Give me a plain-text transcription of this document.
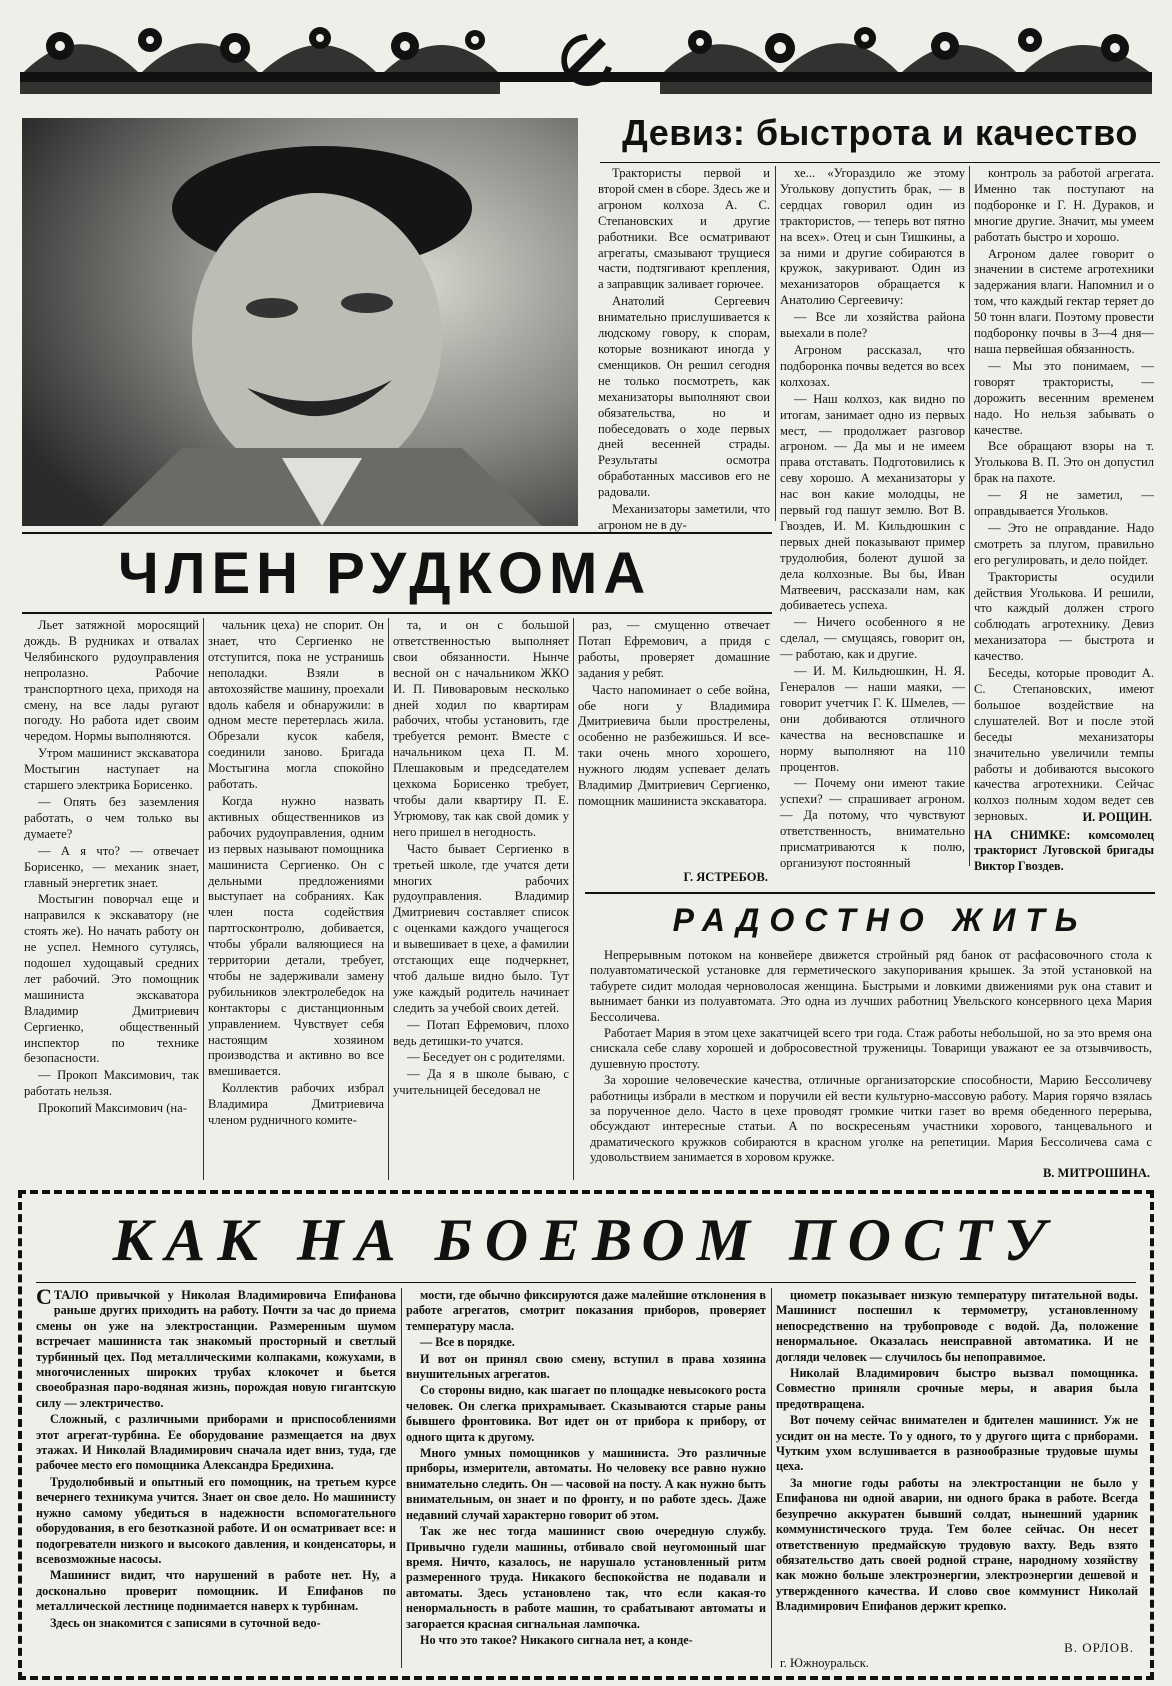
Девиз: быстрота и качество

Трактористы первой и второй смен в сборе. Здесь же и агроном колхоза А. С. Степановских и другие работники. Все осматривают агрегаты, смазывают трущиеся части, подтягивают крепления, а заправщик заливает горючее.

Анатолий Сергеевич внимательно прислушивается к людскому говору, к спорам, которые возникают иногда у сменщиков. Он решил сегодня не только посмотреть, как механизаторы выполняют свои обязательства, но и побеседовать о ходе первых дней весенней страды. Результаты осмотра обработанных массивов его не радовали.

Механизаторы заметили, что агроном не в ду-

хе... «Угораздило же этому Уголькову допустить брак, — в сердцах говорил один из трактористов, — теперь вот пятно на всех». Отец и сын Тишкины, а за ними и другие собираются в кружок, закуривают. Один из механизаторов обращается к Анатолию Сергеевичу:

— Все ли хозяйства района выехали в поле?

Агроном рассказал, что подборонка почвы ведется во всех колхозах.

— Наш колхоз, как видно по итогам, занимает одно из первых мест, — продолжает разговор агроном. — Да мы и не имеем права отставать. Подготовились к севу хорошо. А механизаторы у нас вон какие молодцы, не первый год пашут землю. Вот В. Гвоздев, И. М. Кильдюшкин с первых дней показывают пример трудолюбия, болеют душой за дела колхозные. Вы бы, Иван Матвеевич, рассказали нам, как добиваетесь успеха.

— Ничего особенного я не сделал, — смущаясь, говорит он, — работаю, как и другие.

— И. М. Кильдюшкин, Н. Я. Генералов — наши маяки, — говорит учетчик Г. К. Шмелев, — они добиваются отличного качества на весновспашке и норму выполняют на 110 процентов.

— Почему они имеют такие успехи? — спрашивает агроном. — Да потому, что чувствуют ответственность, внимательно присматриваются к полю, организуют постоянный

контроль за работой агрегата. Именно так поступают на подборонке и Г. Н. Дураков, и многие другие. Значит, мы умеем работать быстро и хорошо.

Агроном далее говорит о значении в системе агротехники задержания влаги. Напомнил и о том, что каждый гектар теряет до 50 тонн влаги. Поэтому провести подборонку почвы в 3—4 дня—наша первейшая обязанность.

— Мы это понимаем, — говорят трактористы, — дорожить весенним временем надо. Но нельзя забывать о качестве.

Все обращают взоры на т. Уголькова В. П. Это он допустил брак на пахоте.

— Я не заметил, — оправдывается Угольков.

— Это не оправдание. Надо смотреть за плугом, правильно его регулировать, и дело пойдет.

Трактористы осудили действия Уголькова. И решили, что каждый должен строго соблюдать агротехнику. Девиз механизатора — быстрота и качество.

Беседы, которые проводит А. С. Степановских, имеют большое воздействие на слушателей. Вот и после этой беседы механизаторы значительно увеличили темпы работы и добиваются высокого качества агротехники. Сейчас колхоз полным ходом ведет сев зерновых.	И. РОЩИН.
НА СНИМКЕ: комсомолец тракторист Луговской бригады Виктор Гвоздев.
ЧЛЕН РУДКОМА

Льет затяжной моросящий дождь. В рудниках и отвалах Челябинского рудоуправления непролазно. Рабочие транспортного цеха, приходя на смену, на все лады ругают погоду. Но работа идет своим чередом. Нормы выполняются.

Утром машинист экскаватора Мостыгин наступает на старшего электрика Борисенко.

— Опять без заземления работать, о чем только вы думаете?

— А я что? — отвечает Борисенко, — механик знает, главный энергетик знает.

Мостыгин поворчал еще и направился к экскаватору (не стоять же). Но начать работу он не успел. Немного сутулясь, подошел худощавый средних лет рабочий. Это помощник машиниста экскаватора Владимир Дмитриевич Сергиенко, общественный инспектор по технике безопасности.

— Прокоп Максимович, так работать нельзя.

Прокопий Максимович (на-

чальник цеха) не спорит. Он знает, что Сергиенко не отступится, пока не устранишь неполадки. Взяли в автохозяйстве машину, проехали вдоль кабеля и обнаружили: в одном месте перетерлась жила. Обрезали кусок кабеля, соединили заново. Бригада Мостыгина могла спокойно работать.

Когда нужно назвать активных общественников из рабочих рудоуправления, одним из первых называют помощника машиниста Сергиенко. Он с дельными предложениями выступает на собраниях. Как член поста содействия партгосконтролю, добивается, чтобы убрали валяющиеся на территории детали, требует, чтобы не задерживали замену рубильников электролебедок на контакторы с дистанционным управлением. Чувствует себя настоящим хозяином производства и активно во все вмешивается.

Коллектив рабочих избрал Владимира Дмитриевича членом рудничного комите-

та, и он с большой ответственностью выполняет свои обязанности. Нынче весной он с начальником ЖКО И. П. Пивоваровым несколько дней ходил по квартирам рабочих, чтобы установить, где требуется ремонт. Вместе с начальником цеха П. М. Плешаковым и председателем цехкома Борисенко требует, чтобы дали квартиру П. Е. Угрюмову, так как свой домик у него пришел в негодность.

Часто бывает Сергиенко в третьей школе, где учатся дети многих рабочих рудоуправления. Владимир Дмитриевич составляет список с оценками каждого учащегося и вывешивает в цехе, а фамилии отстающих еще подчеркнет, чтоб дальше видно было. Тут уже каждый родитель начинает следить за учебой своих детей.

— Потап Ефремович, плохо ведь детишки-то учатся.

— Беседует он с родителями.

— Да я в школе бываю, с учительницей беседовал не

раз, — смущенно отвечает Потап Ефремович, а придя с работы, проверяет домашние задания у ребят.

Часто напоминает о себе война, обе ноги у Владимира Дмитриевича были прострелены, особенно не разбежишься. И все-таки очень много хорошего, нужного людям успевает делать Владимир Дмитриевич Сергиенко, помощник машиниста экскаватора.

Г. ЯСТРЕБОВ.
РАДОСТНО ЖИТЬ

Непрерывным потоком на конвейере движется стройный ряд банок от расфасовочного стола к полуавтоматической установке для герметического закупоривания крышек. За этой установкой на табурете сидит молодая черноволосая женщина. Быстрыми и ловкими движениями рук она ставит и вынимает банки из полуавтомата. Это одна из лучших работниц Увельского консервного цеха Мария Бессоличева.

Работает Мария в этом цехе закатчицей всего три года. Стаж работы небольшой, но за это время она снискала себе славу хорошей и добросовестной труженицы. Товарищи уважают ее за отзывчивость, душевную простоту.

За хорошие человеческие качества, отличные организаторские способности, Марию Бессоличеву работницы избрали в местком и поручили ей вести культурно-массовую работу. Мария горячо взялась за порученное дело. Часто в цехе проводят громкие читки газет во время обеденного перерыва, обсуждают интересные статьи. А по воскресеньям участники хорового, танцевального и драматического кружков собираются в красном уголке на репетиции. Мария Бессоличева сама с удовольствием занимается в хоровом кружке.

В. МИТРОШИНА.
КАК НА БОЕВОМ ПОСТУ

СТАЛО привычкой у Николая Владимировича Епифанова раньше других приходить на работу. Почти за час до приема смены он уже на электростанции. Размеренным шумом встречает машиниста так знакомый просторный и светлый турбинный цех. Под металлическими колпаками, кожухами, в многочисленных широких трубах клокочет и бьется своеобразная паро-водяная жизнь, порождая новую гигантскую силу — электричество.

Сложный, с различными приборами и приспособлениями этот агрегат-турбина. Ее оборудование размещается на двух этажах. И Николай Владимирович сначала идет вниз, туда, где рабочее место его помощника Александра Бредихина.

Трудолюбивый и опытный его помощник, на третьем курсе вечернего техникума учится. Знает он свое дело. Но машинисту нужно самому убедиться в надежности вспомогательного оборудования, в его безотказной работе. И он осматривает все: и подогреватели низкого и высокого давления, и конденсаторы, и всевозможные насосы.

Машинист видит, что нарушений в работе нет. Ну, а досконально проверит помощник. И Епифанов по металлической лестнице поднимается наверх к турбинам.

Здесь он знакомится с записями в суточной ведо-

мости, где обычно фиксируются даже малейшие отклонения в работе агрегатов, смотрит показания приборов, проверяет температуру масла.

— Все в порядке.

И вот он принял свою смену, вступил в права хозяина внушительных агрегатов.

Со стороны видно, как шагает по площадке невысокого роста человек. Он слегка прихрамывает. Сказываются старые раны бывшего фронтовика. Вот идет он от прибора к прибору, от одного щита к другому.

Много умных помощников у машиниста. Это различные приборы, измерители, автоматы. Но человеку все равно нужно внимательно следить. Он — часовой на посту. А как нужно быть внимательным, он знает и по фронту, и по работе здесь. Даже недавний случай характерно говорит об этом.

Так же нес тогда машинист свою очередную службу. Привычно гудели машины, отбивало свой неугомонный шаг время. Ничто, казалось, не нарушало установленный ритм размеренного труда. Никакого беспокойства не подавали и автоматы. Здесь установлено так, что если какая-то ненормальность в работе машин, то срабатывают автоматы и загорается красная сигнальная лампочка.

Но что это такое? Никакого сигнала нет, а конде-

циометр показывает низкую температуру питательной воды. Машинист поспешил к термометру, установленному непосредственно на трубопроводе с водой. Да, положение ненормальное. Оказалась неисправной автоматика. И не догляди человек — случилось бы непоправимое.

Николай Владимирович быстро вызвал помощника. Совместно приняли срочные меры, и авария была предотвращена.

Вот почему сейчас внимателен и бдителен машинист. Уж не усидит он на месте. То у одного, то у другого щита с приборами. Чутким ухом вслушивается в разнообразные трудовые шумы цеха.

За многие годы работы на электростанции не было у Епифанова ни одной аварии, ни одного брака в работе. Всегда безупречно аккуратен бывший солдат, нынешний ударник коммунистического труда. Тем более сейчас. Он несет ответственную предмайскую трудовую вахту. Ведь взято обязательство дать своей родной стране, народному хозяйству как можно больше электроэнергии, электроэнергии дешевой и утвержденного качества. И слово свое коммунист Николай Владимирович Епифанов держит крепко.

В. ОРЛОВ.
г. Южноуральск.
